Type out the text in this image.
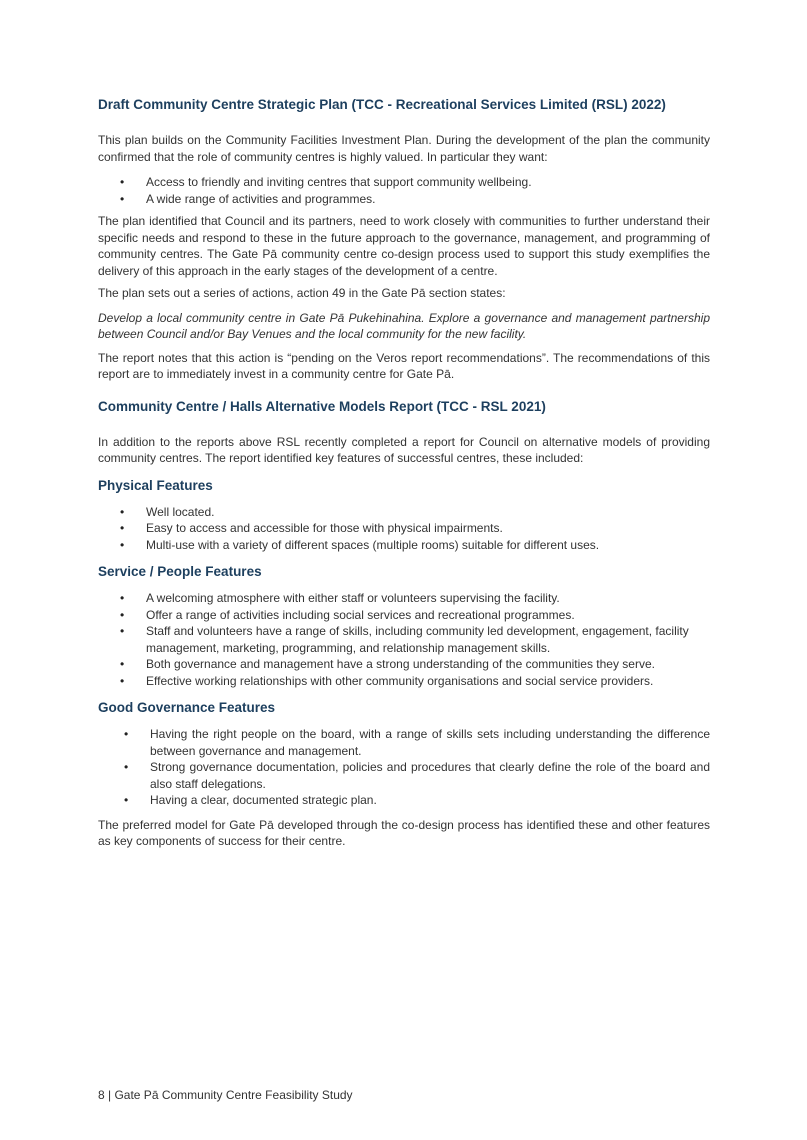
Draft Community Centre Strategic Plan (TCC - Recreational Services Limited (RSL) 2022)

This plan builds on the Community Facilities Investment Plan. During the development of the plan the community confirmed that the role of community centres is highly valued. In particular they want:

• Access to friendly and inviting centres that support community wellbeing.
• A wide range of activities and programmes.

The plan identified that Council and its partners, need to work closely with communities to further understand their specific needs and respond to these in the future approach to the governance, management, and programming of community centres. The Gate Pā community centre co-design process used to support this study exemplifies the delivery of this approach in the early stages of the development of a centre.

The plan sets out a series of actions, action 49 in the Gate Pā section states:

Develop a local community centre in Gate Pā Pukehinahina. Explore a governance and management partnership between Council and/or Bay Venues and the local community for the new facility.

The report notes that this action is “pending on the Veros report recommendations”. The recommendations of this report are to immediately invest in a community centre for Gate Pā.

Community Centre / Halls Alternative Models Report (TCC - RSL 2021)

In addition to the reports above RSL recently completed a report for Council on alternative models of providing community centres. The report identified key features of successful centres, these included:

Physical Features
• Well located.
• Easy to access and accessible for those with physical impairments.
• Multi-use with a variety of different spaces (multiple rooms) suitable for different uses.
Service / People Features
• A welcoming atmosphere with either staff or volunteers supervising the facility.
• Offer a range of activities including social services and recreational programmes.
• Staff and volunteers have a range of skills, including community led development, engagement, facility management, marketing, programming, and relationship management skills.
• Both governance and management have a strong understanding of the communities they serve.
• Effective working relationships with other community organisations and social service providers.
Good Governance Features
• Having the right people on the board, with a range of skills sets including understanding the difference between governance and management.
• Strong governance documentation, policies and procedures that clearly define the role of the board and also staff delegations.
• Having a clear, documented strategic plan.

The preferred model for Gate Pā developed through the co-design process has identified these and other features as key components of success for their centre.

8 | Gate Pā Community Centre Feasibility Study
